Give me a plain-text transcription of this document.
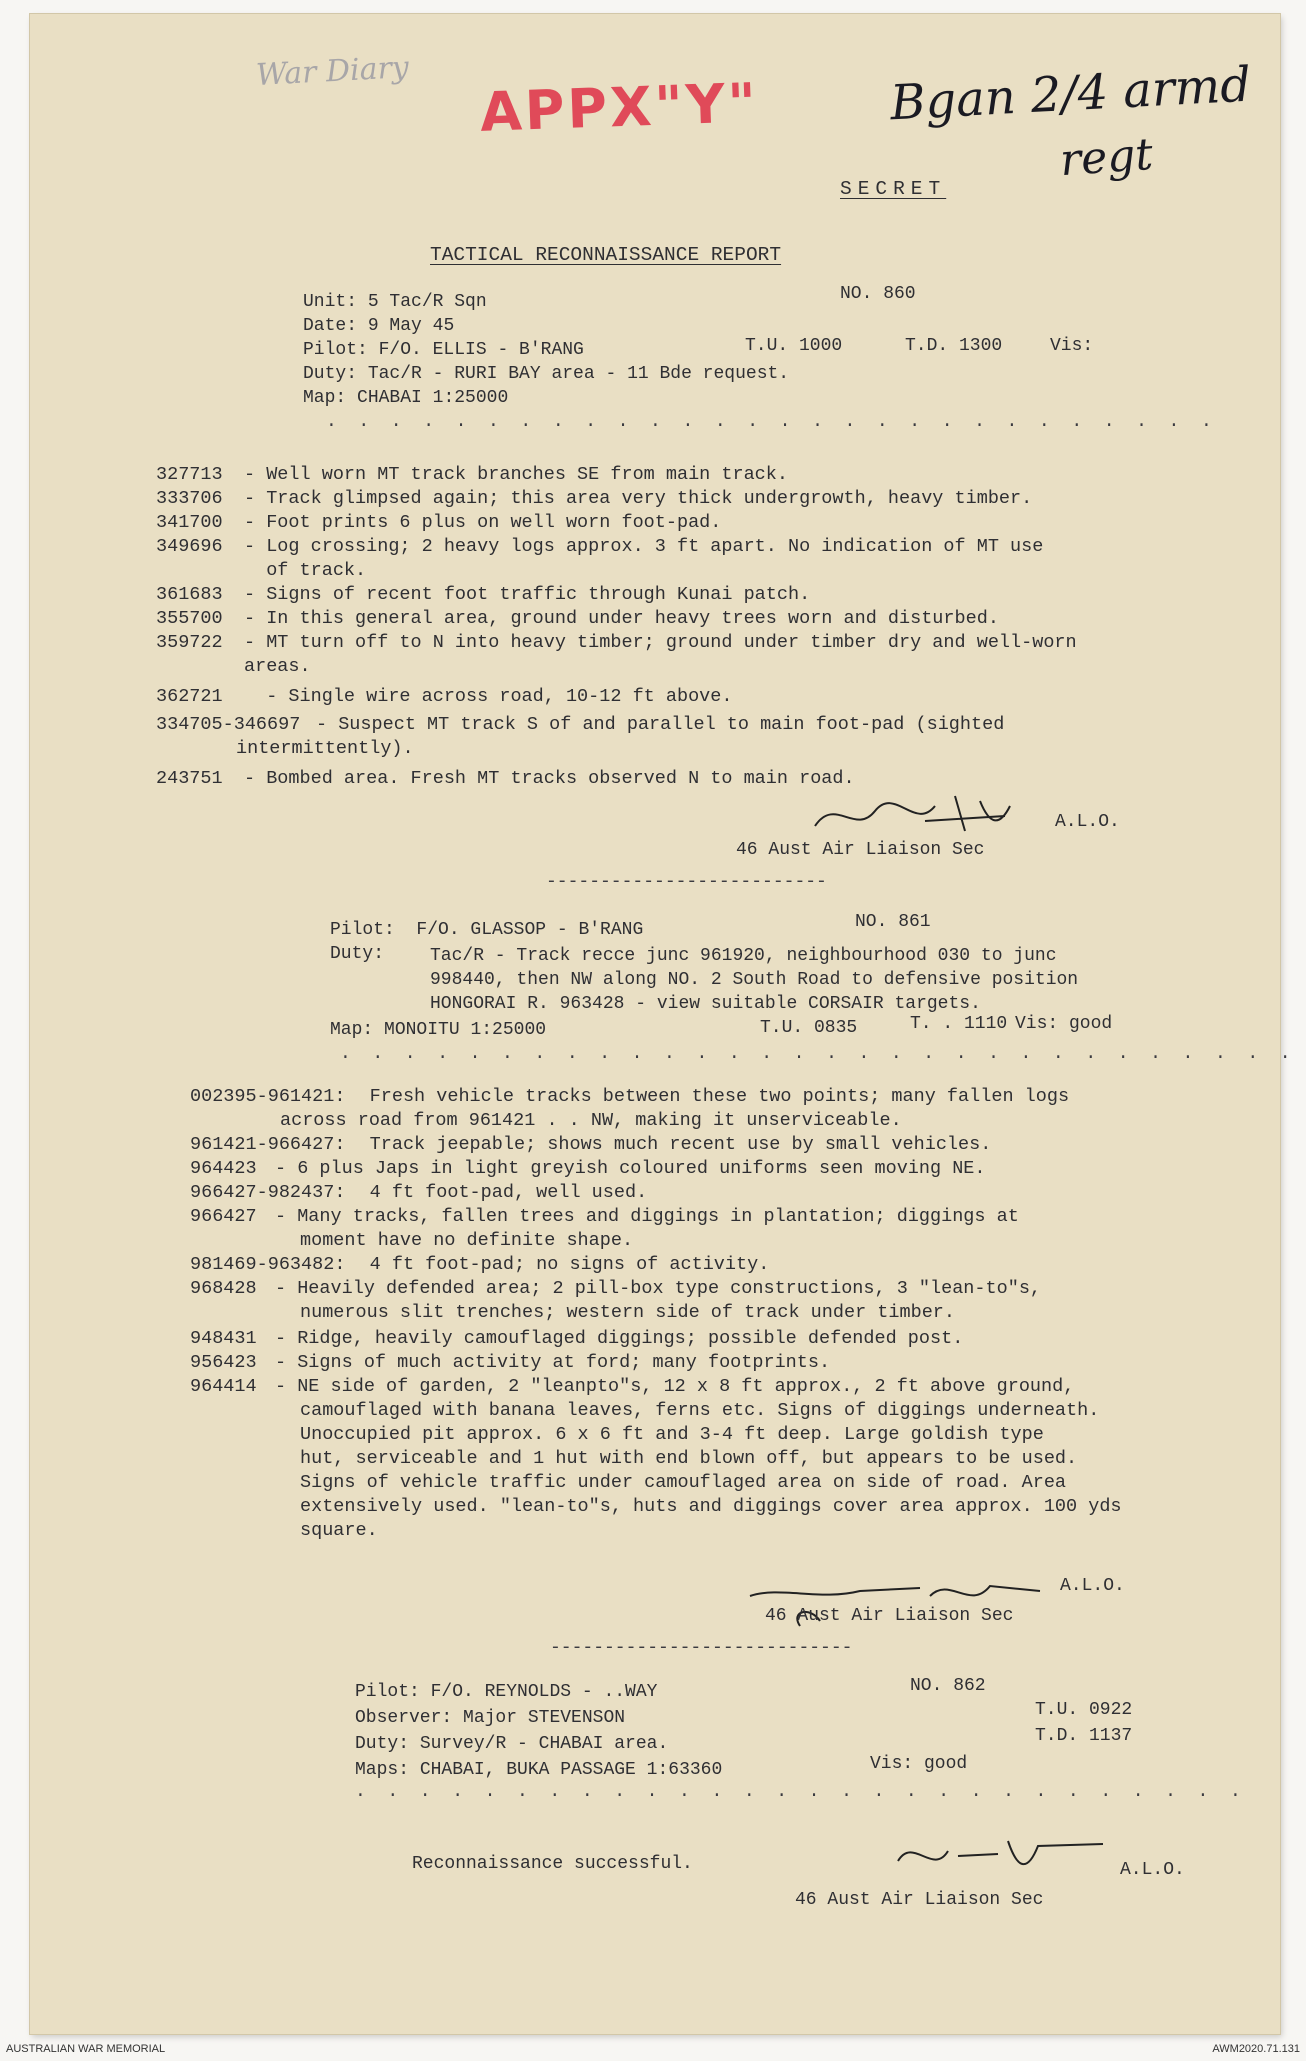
War Diary APPX"Y"	Bgan 2/4 armd
regt
SECRET
TACTICAL RECONNAISSANCE REPORT
Unit: 5 Tac/R Sqn	NO. 860
Date: 9 May 45
Pilot: F/O. ELLIS - B'RANG	T.U. 1000	T.D. 1300	Vis:
Duty: Tac/R - RURI BAY area - 11 Bde request.
Map: CHABAI 1:25000
·  ·  ·  ·  ·  ·  ·  ·  ·  ·  ·  ·  ·  ·  ·  ·  ·  ·  ·  ·  ·  ·  ·  ·  ·  ·  ·  ·
327713 - Well worn MT track branches SE from main track.
333706 - Track glimpsed again; this area very thick undergrowth, heavy timber.
341700 - Foot prints 6 plus on well worn foot-pad.
349696 - Log crossing; 2 heavy logs approx. 3 ft apart. No indication of MT use
of track.
361683 - Signs of recent foot traffic through Kunai patch.
355700 - In this general area, ground under heavy trees worn and disturbed.
359722 - MT turn off to N into heavy timber; ground under timber dry and well-worn
areas.
362721  - Single wire across road, 10-12 ft above.
334705-346697 - Suspect MT track S of and parallel to main foot-pad (sighted
intermittently).
243751 - Bombed area. Fresh MT tracks observed N to main road.
A.L.O.
46 Aust Air Liaison Sec
--------------------------
Pilot: F/O. GLASSOP - B'RANG	NO. 861
Duty:	Tac/R - Track recce junc 961920, neighbourhood 030 to junc
998440, then NW along NO. 2 South Road to defensive position
HONGORAI R. 963428 - view suitable CORSAIR targets.
Map: MONOITU 1:25000	T.U. 0835	T. . 1110 Vis: good
·  ·  ·  ·  ·  ·  ·  ·  ·  ·  ·  ·  ·  ·  ·  ·  ·  ·  ·  ·  ·  ·  ·  ·  ·  ·  ·  ·  ·  ·
002395-961421: Fresh vehicle tracks between these two points; many fallen logs
across road from 961421 . . NW, making it unserviceable.
961421-966427: Track jeepable; shows much recent use by small vehicles.
964423 - 6 plus Japs in light greyish coloured uniforms seen moving NE.
966427-982437: 4 ft foot-pad, well used.
966427 - Many tracks, fallen trees and diggings in plantation; diggings at
moment have no definite shape.
981469-963482: 4 ft foot-pad; no signs of activity.
968428 - Heavily defended area; 2 pill-box type constructions, 3 "lean-to"s,
numerous slit trenches; western side of track under timber.
948431 - Ridge, heavily camouflaged diggings; possible defended post.
956423 - Signs of much activity at ford; many footprints.
964414 - NE side of garden, 2 "leanpto"s, 12 x 8 ft approx., 2 ft above ground,
camouflaged with banana leaves, ferns etc. Signs of diggings underneath.
Unoccupied pit approx. 6 x 6 ft and 3-4 ft deep. Large goldish type
hut, serviceable and 1 hut with end blown off, but appears to be used.
Signs of vehicle traffic under camouflaged area on side of road. Area
extensively used. "lean-to"s, huts and diggings cover area approx. 100 yds
square.
A.L.O.
46 Aust Air Liaison Sec
----------------------------
Pilot: F/O. REYNOLDS - ..WAY	NO. 862
Observer: Major STEVENSON	T.U. 0922
Duty: Survey/R - CHABAI area.	T.D. 1137
Maps: CHABAI, BUKA PASSAGE 1:63360	Vis: good
·  ·  ·  ·  ·  ·  ·  ·  ·  ·  ·  ·  ·  ·  ·  ·  ·  ·  ·  ·  ·  ·  ·  ·  ·  ·  ·  ·
Reconnaissance successful.	A.L.O.
46 Aust Air Liaison Sec
AUSTRALIAN WAR MEMORIAL	AWM2020.71.131
